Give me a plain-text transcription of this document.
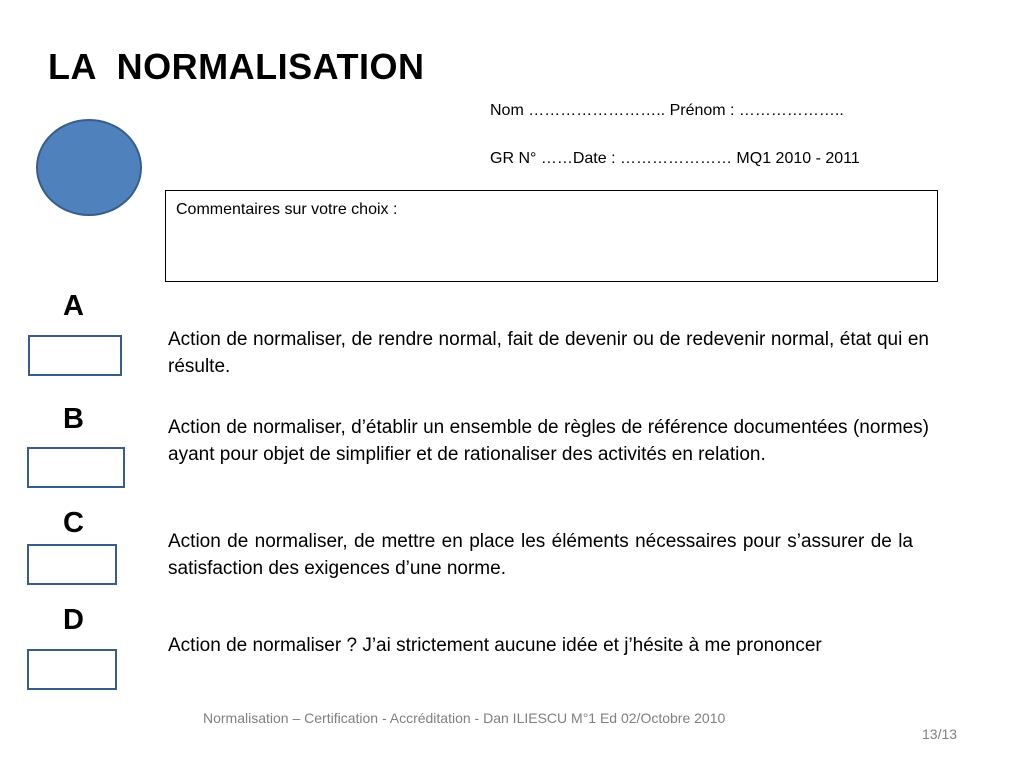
LA  NORMALISATION
Nom …………………….. Prénom : ………………..
GR N° ……Date : ………………… MQ1 2010 - 2011
Commentaires sur votre choix :
A
Action de normaliser, de rendre normal, fait de devenir ou de redevenir normal, état qui en résulte.
B	Action de normaliser, d’établir un ensemble de règles de référence documentées (normes) ayant pour objet de simplifier et de rationaliser des activités en relation.
C
Action de normaliser, de mettre en place les éléments nécessaires pour s’assurer de la satisfaction des exigences d’une norme.
D
Action de normaliser ? J’ai strictement aucune idée et j’hésite à me prononcer
Normalisation – Certification - Accréditation - Dan ILIESCU M°1 Ed 02/Octobre 2010
13/13
